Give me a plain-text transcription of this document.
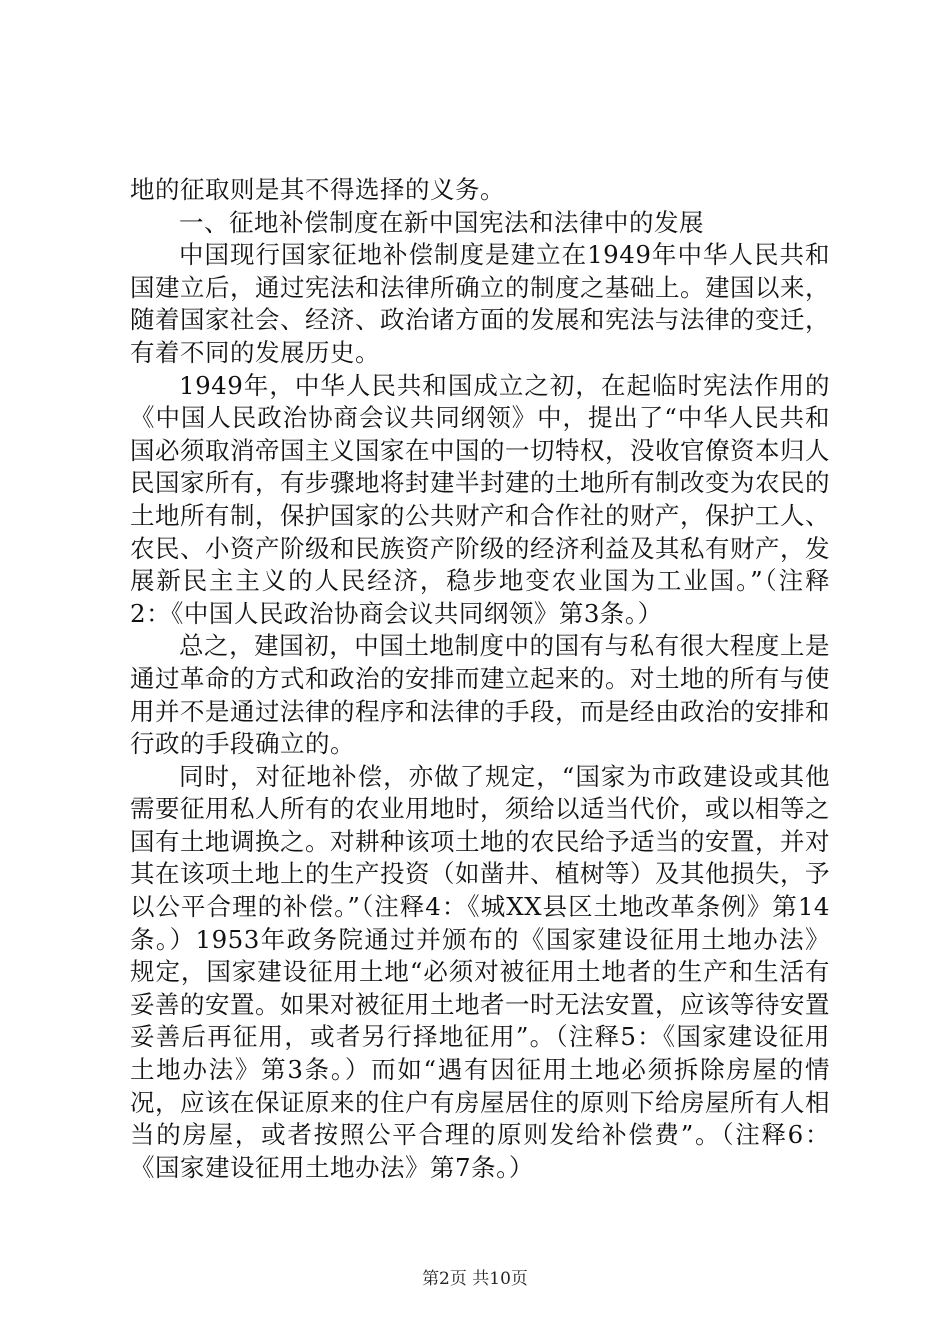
地的征取则是其不得选择的义务。

一、征地补偿制度在新中国宪法和法律中的发展

中国现行国家征地补偿制度是建立在1949年中华人民共和国建立后，通过宪法和法律所确立的制度之基础上。建国以来，随着国家社会、经济、政治诸方面的发展和宪法与法律的变迁，有着不同的发展历史。

1949年，中华人民共和国成立之初，在起临时宪法作用的《中国人民政治协商会议共同纲领》中，提出了“中华人民共和国必须取消帝国主义国家在中国的一切特权，没收官僚资本归人民国家所有，有步骤地将封建半封建的土地所有制改变为农民的土地所有制，保护国家的公共财产和合作社的财产，保护工人、农民、小资产阶级和民族资产阶级的经济利益及其私有财产，发展新民主主义的人民经济，稳步地变农业国为工业国。”（注释2：《中国人民政治协商会议共同纲领》第3条。）

总之，建国初，中国土地制度中的国有与私有很大程度上是通过革命的方式和政治的安排而建立起来的。对土地的所有与使用并不是通过法律的程序和法律的手段，而是经由政治的安排和行政的手段确立的。

同时，对征地补偿，亦做了规定，“国家为市政建设或其他需要征用私人所有的农业用地时，须给以适当代价，或以相等之国有土地调换之。对耕种该项土地的农民给予适当的安置，并对其在该项土地上的生产投资（如凿井、植树等）及其他损失，予以公平合理的补偿。”（注释4：《城XX县区土地改革条例》第14条。）1953年政务院通过并颁布的《国家建设征用土地办法》规定，国家建设征用土地“必须对被征用土地者的生产和生活有妥善的安置。如果对被征用土地者一时无法安置，应该等待安置妥善后再征用，或者另行择地征用”。（注释5：《国家建设征用土地办法》第3条。）而如“遇有因征用土地必须拆除房屋的情况，应该在保证原来的住户有房屋居住的原则下给房屋所有人相当的房屋，或者按照公平合理的原则发给补偿费”。（注释6：《国家建设征用土地办法》第7条。）

第2页 共10页
